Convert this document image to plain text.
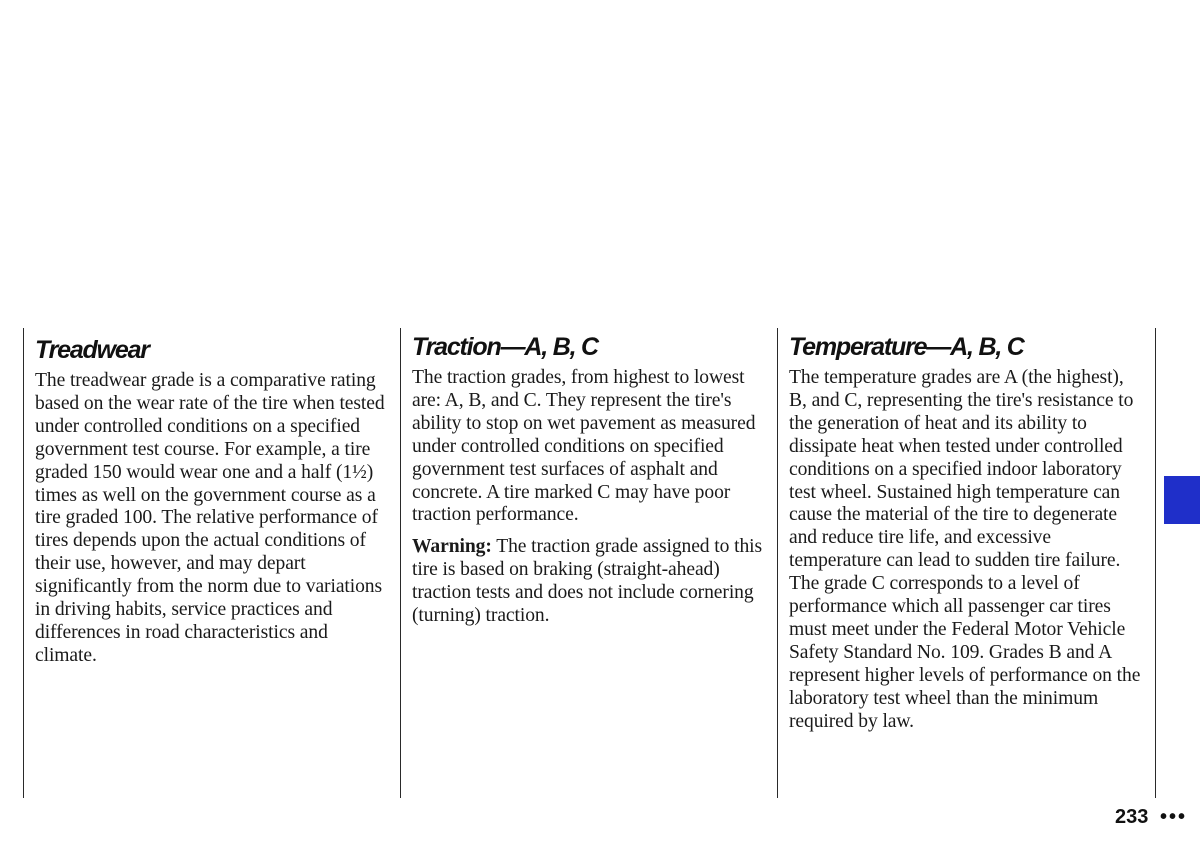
Treadwear

The treadwear grade is a comparative rating based on the wear rate of the tire when tested under controlled conditions on a specified government test course. For example, a tire graded 150 would wear one and a half (1½) times as well on the government course as a tire graded 100. The relative performance of tires depends upon the actual conditions of their use, however, and may depart significantly from the norm due to variations in driving habits, service practices and differences in road characteristics and climate.

Traction—A, B, C

The traction grades, from highest to lowest are: A, B, and C. They represent the tire's ability to stop on wet pavement as measured under controlled conditions on specified government test surfaces of asphalt and concrete. A tire marked C may have poor traction performance.

Warning: The traction grade assigned to this tire is based on braking (straight-ahead) traction tests and does not include cornering (turning) traction.

Temperature—A, B, C

The temperature grades are A (the highest), B, and C, representing the tire's resistance to the generation of heat and its ability to dissipate heat when tested under controlled conditions on a specified indoor laboratory test wheel. Sustained high temperature can cause the material of the tire to degenerate and reduce tire life, and excessive temperature can lead to sudden tire failure. The grade C corresponds to a level of performance which all passenger car tires must meet under the Federal Motor Vehicle Safety Standard No. 109. Grades B and A represent higher levels of performance on the laboratory test wheel than the minimum required by law.

233 •••
